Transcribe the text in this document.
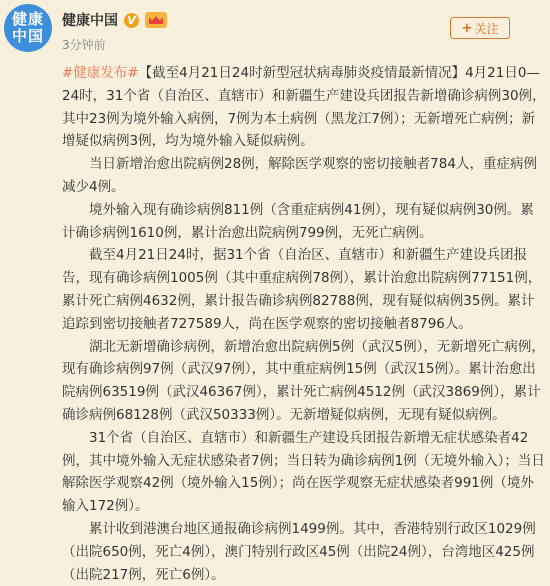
健康
中国
健康中国 V
3分钟前
+ 关注

#健康发布#【截至4月21日24时新型冠状病毒肺炎疫情最新情况】4月21日0—24时，31个省（自治区、直辖市）和新疆生产建设兵团报告新增确诊病例30例，其中23例为境外输入病例，7例为本土病例（黑龙江7例）；无新增死亡病例；新增疑似病例3例，均为境外输入疑似病例。

当日新增治愈出院病例28例，解除医学观察的密切接触者784人，重症病例减少4例。

境外输入现有确诊病例811例（含重症病例41例），现有疑似病例30例。累计确诊病例1610例，累计治愈出院病例799例，无死亡病例。

截至4月21日24时，据31个省（自治区、直辖市）和新疆生产建设兵团报告，现有确诊病例1005例（其中重症病例78例），累计治愈出院病例77151例，累计死亡病例4632例，累计报告确诊病例82788例，现有疑似病例35例。累计追踪到密切接触者727589人，尚在医学观察的密切接触者8796人。

湖北无新增确诊病例，新增治愈出院病例5例（武汉5例），无新增死亡病例，现有确诊病例97例（武汉97例），其中重症病例15例（武汉15例）。累计治愈出院病例63519例（武汉46367例），累计死亡病例4512例（武汉3869例），累计确诊病例68128例（武汉50333例）。无新增疑似病例，无现有疑似病例。

31个省（自治区、直辖市）和新疆生产建设兵团报告新增无症状感染者42例，其中境外输入无症状感染者7例；当日转为确诊病例1例（无境外输入）；当日解除医学观察42例（境外输入15例）；尚在医学观察无症状感染者991例（境外输入172例）。

累计收到港澳台地区通报确诊病例1499例。其中，香港特别行政区1029例（出院650例，死亡4例），澳门特别行政区45例（出院24例），台湾地区425例（出院217例，死亡6例）。
